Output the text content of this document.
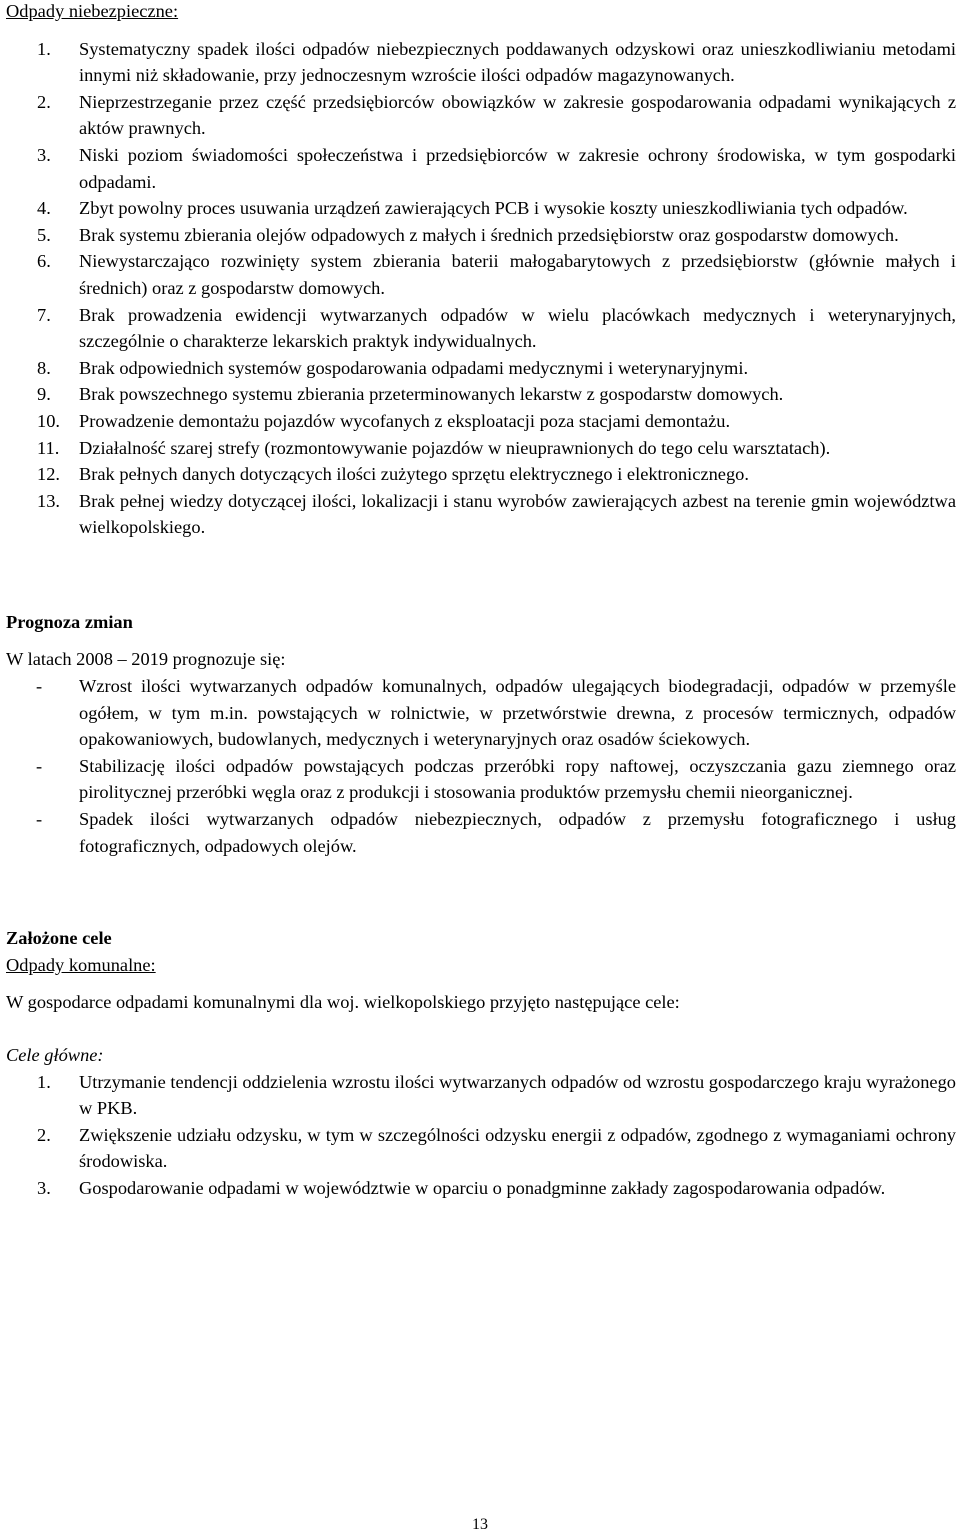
Odpady niebezpieczne:

1.	Systematyczny spadek ilości odpadów niebezpiecznych poddawanych odzyskowi oraz unieszkodliwianiu metodami innymi niż składowanie, przy jednoczesnym wzroście ilości odpadów magazynowanych.
2.	Nieprzestrzeganie przez część przedsiębiorców obowiązków w zakresie gospodarowania odpadami wynikających z aktów prawnych.
3.	Niski poziom świadomości społeczeństwa i przedsiębiorców w zakresie ochrony środowiska, w tym gospodarki odpadami.
4.	Zbyt powolny proces usuwania urządzeń zawierających PCB i wysokie koszty unieszkodliwiania tych odpadów.
5.	Brak systemu zbierania olejów odpadowych z małych i średnich przedsiębiorstw oraz gospodarstw domowych.
6.	Niewystarczająco rozwinięty system zbierania baterii małogabarytowych z przedsiębiorstw (głównie małych i średnich) oraz z gospodarstw domowych.
7.	Brak prowadzenia ewidencji wytwarzanych odpadów w wielu placówkach medycznych i weterynaryjnych, szczególnie o charakterze lekarskich praktyk indywidualnych.
8.	Brak odpowiednich systemów gospodarowania odpadami medycznymi i weterynaryjnymi.
9.	Brak powszechnego systemu zbierania przeterminowanych lekarstw z gospodarstw domowych.
10.	Prowadzenie demontażu pojazdów wycofanych z eksploatacji poza stacjami demontażu.
11.	Działalność szarej strefy (rozmontowywanie pojazdów w nieuprawnionych do tego celu warsztatach).
12.	Brak pełnych danych dotyczących ilości zużytego sprzętu elektrycznego i elektronicznego.
13.	Brak pełnej wiedzy dotyczącej ilości, lokalizacji i stanu wyrobów zawierających azbest na terenie gmin województwa wielkopolskiego.

Prognoza zmian

W latach 2008 – 2019 prognozuje się:

-	Wzrost ilości wytwarzanych odpadów komunalnych, odpadów ulegających biodegradacji, odpadów w przemyśle ogółem, w tym m.in. powstających w rolnictwie, w przetwórstwie drewna, z procesów termicznych, odpadów opakowaniowych, budowlanych, medycznych i weterynaryjnych oraz osadów ściekowych.
-	Stabilizację ilości odpadów powstających podczas przeróbki ropy naftowej, oczyszczania gazu ziemnego oraz pirolitycznej przeróbki węgla oraz z produkcji i stosowania produktów przemysłu chemii nieorganicznej.
-	Spadek ilości wytwarzanych odpadów niebezpiecznych, odpadów z przemysłu fotograficznego i usług fotograficznych, odpadowych olejów.

Założone cele

Odpady komunalne:

W gospodarce odpadami komunalnymi dla woj. wielkopolskiego przyjęto następujące cele:

Cele główne:

1.	Utrzymanie tendencji oddzielenia wzrostu ilości wytwarzanych odpadów od wzrostu gospodarczego kraju wyrażonego w PKB.
2.	Zwiększenie udziału odzysku, w tym w szczególności odzysku energii z odpadów, zgodnego z wymaganiami ochrony środowiska.
3.	Gospodarowanie odpadami w województwie w oparciu o ponadgminne zakłady zagospodarowania odpadów.
13
